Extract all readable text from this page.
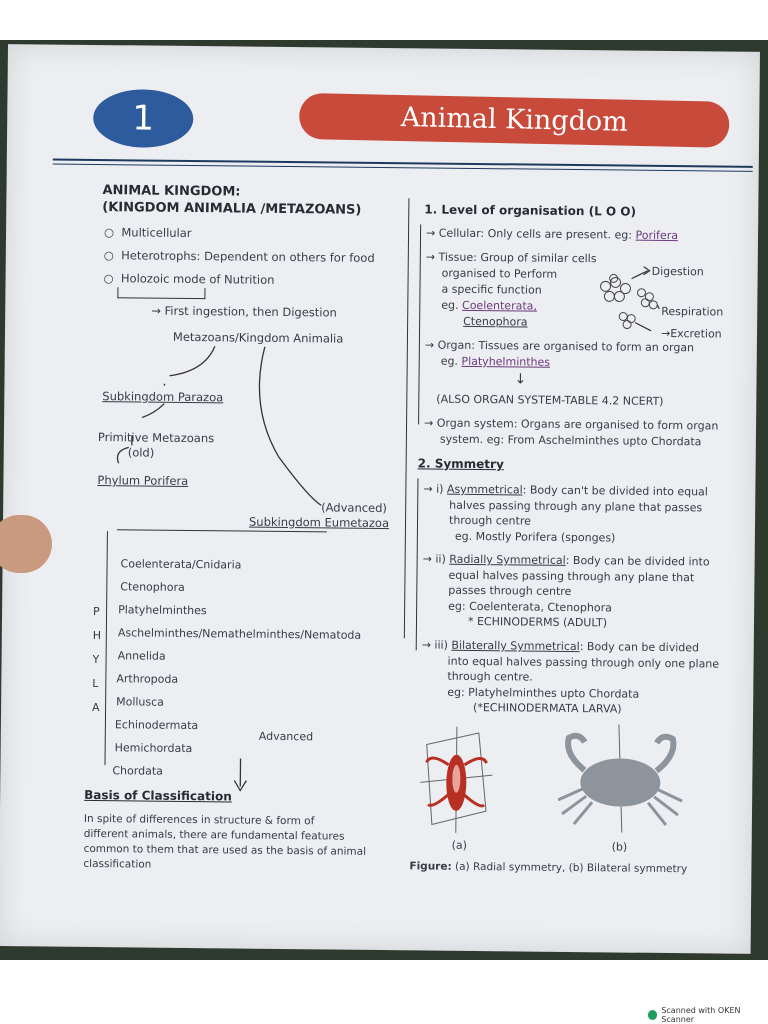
1	Animal Kingdom
ANIMAL KINGDOM:
(KINGDOM ANIMALIA /METAZOANS)
○  Multicellular
○  Heterotrophs: Dependent on others for food
○  Holozoic mode of Nutrition
→ First ingestion, then Digestion
Metazoans/Kingdom Animalia
Subkingdom Parazoa
Primitive Metazoans
(old)
Phylum Porifera
(Advanced)
Subkingdom Eumetazoa
P
H
Y
L
A
Coelenterata/Cnidaria
Ctenophora
Platyhelminthes
Aschelminthes/Nemathelminthes/Nematoda
Annelida
Arthropoda
Mollusca
Echinodermata
Hemichordata
Chordata
Advanced
Basis of Classification
In spite of differences in structure & form of
different animals, there are fundamental features
common to them that are used as the basis of animal
classification
1. Level of organisation (L O O)
→ Cellular: Only cells are present. eg: Porifera
→ Tissue: Group of similar cells
organised to Perform
a specific function
eg. Coelenterata,
Ctenophora
Digestion
Respiration
→Excretion
→ Organ: Tissues are organised to form an organ
eg. Platyhelminthes
↓
(ALSO ORGAN SYSTEM-TABLE 4.2 NCERT)
→ Organ system: Organs are organised to form organ
system. eg: From Aschelminthes upto Chordata
2. Symmetry
→ i) Asymmetrical: Body can't be divided into equal
halves passing through any plane that passes
through centre
eg. Mostly Porifera (sponges)
→ ii) Radially Symmetrical: Body can be divided into
equal halves passing through any plane that
passes through centre
eg: Coelenterata, Ctenophora
* ECHINODERMS (ADULT)
→ iii) Bilaterally Symmetrical: Body can be divided
into equal halves passing through only one plane
through centre.
eg: Platyhelminthes upto Chordata
(*ECHINODERMATA LARVA)
(a)	(b)
Figure: (a) Radial symmetry, (b) Bilateral symmetry
Scanned with OKEN Scanner
